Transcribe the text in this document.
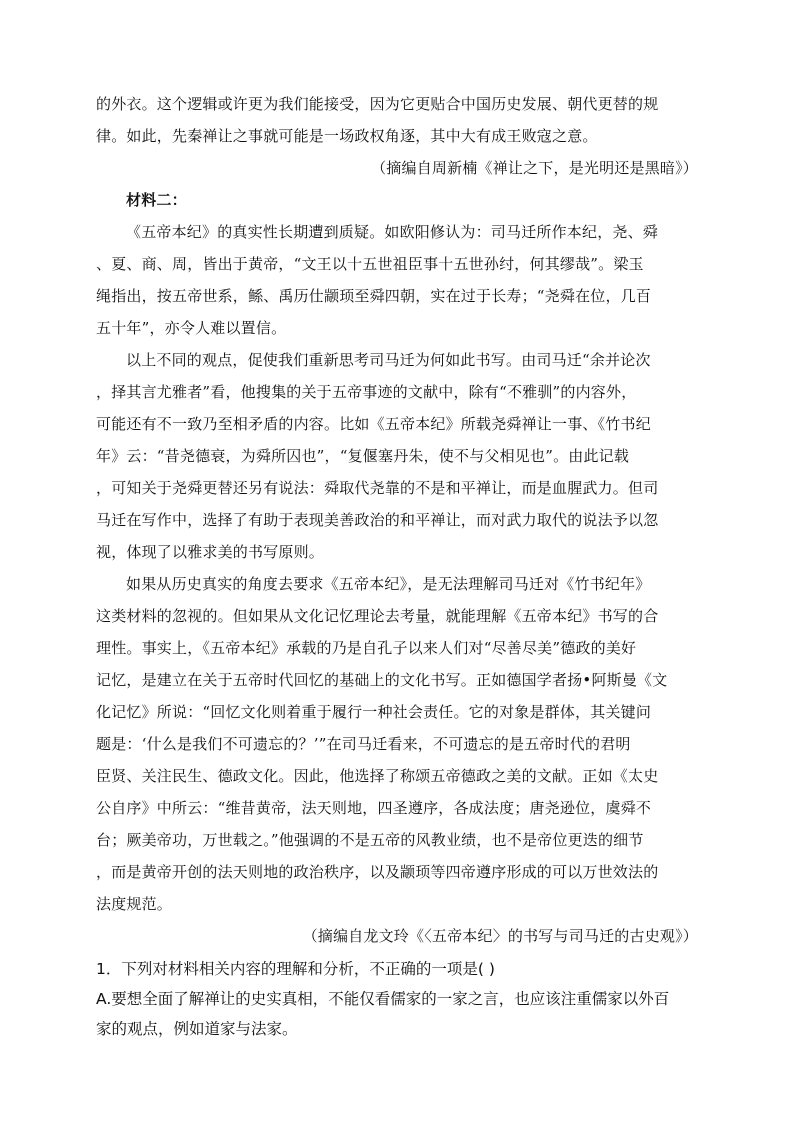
的外衣。这个逻辑或许更为我们能接受，因为它更贴合中国历史发展、朝代更替的规
律。如此，先秦禅让之事就可能是一场政权角逐，其中大有成王败寇之意。
（摘编自周新楠《禅让之下，是光明还是黑暗》）
材料二：
《五帝本纪》的真实性长期遭到质疑。如欧阳修认为：司马迁所作本纪，尧、舜
、夏、商、周，皆出于黄帝，“文王以十五世祖臣事十五世孙纣，何其缪哉”。梁玉
绳指出，按五帝世系，鲧、禹历仕颛顼至舜四朝，实在过于长寿；“尧舜在位，几百
五十年”，亦令人难以置信。
以上不同的观点，促使我们重新思考司马迁为何如此书写。由司马迁“余并论次
，择其言尤雅者”看，他搜集的关于五帝事迹的文献中，除有“不雅驯”的内容外，
可能还有不一致乃至相矛盾的内容。比如《五帝本纪》所载尧舜禅让一事、《竹书纪
年》云：“昔尧德衰，为舜所囚也”，“复偃塞丹朱，使不与父相见也”。由此记载
，可知关于尧舜更替还另有说法：舜取代尧靠的不是和平禅让，而是血腥武力。但司
马迁在写作中，选择了有助于表现美善政治的和平禅让，而对武力取代的说法予以忽
视，体现了以雅求美的书写原则。
如果从历史真实的角度去要求《五帝本纪》，是无法理解司马迁对《竹书纪年》
这类材料的忽视的。但如果从文化记忆理论去考量，就能理解《五帝本纪》书写的合
理性。事实上，《五帝本纪》承载的乃是自孔子以来人们对“尽善尽美”德政的美好
记忆，是建立在关于五帝时代回忆的基础上的文化书写。正如德国学者扬•阿斯曼《文
化记忆》所说：“回忆文化则着重于履行一种社会责任。它的对象是群体，其关键问
题是：‘什么是我们不可遗忘的？’”在司马迁看来，不可遗忘的是五帝时代的君明
臣贤、关注民生、德政文化。因此，他选择了称颂五帝德政之美的文献。正如《太史
公自序》中所云：“维昔黄帝，法天则地，四圣遵序，各成法度；唐尧逊位，虞舜不
台；厥美帝功，万世载之。”他强调的不是五帝的风教业绩，也不是帝位更迭的细节
，而是黄帝开创的法天则地的政治秩序，以及颛顼等四帝遵序形成的可以万世效法的
法度规范。
（摘编自龙文玲《〈五帝本纪〉的书写与司马迁的古史观》）
1．下列对材料相关内容的理解和分析，不正确的一项是( )
A.要想全面了解禅让的史实真相，不能仅看儒家的一家之言，也应该注重儒家以外百
家的观点，例如道家与法家。
